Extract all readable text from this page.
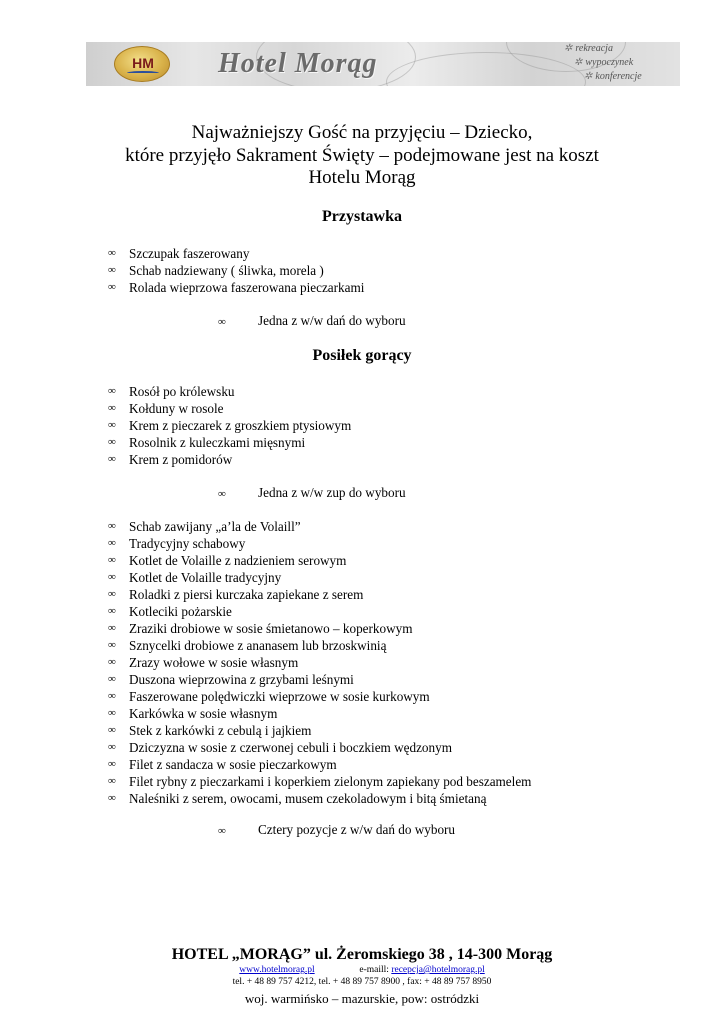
HM Hotel Morąg	✲ rekreacja
✲ wypoczynek
✲ konferencje
Najważniejszy Gość na przyjęciu – Dziecko,
które przyjęło Sakrament Święty – podejmowane jest na koszt
Hotelu Morąg
Przystawka
∞ Szczupak faszerowany
∞ Schab nadziewany ( śliwka, morela )
∞ Rolada wieprzowa faszerowana pieczarkami
∞ Jedna z w/w dań do wyboru
Posiłek gorący
∞ Rosół po królewsku
∞ Kołduny w rosole
∞ Krem z pieczarek z groszkiem ptysiowym
∞ Rosolnik z kuleczkami mięsnymi
∞ Krem z pomidorów
∞ Jedna z w/w zup do wyboru
∞ Schab zawijany „a’la de Volaill”
∞ Tradycyjny schabowy
∞ Kotlet de Volaille z nadzieniem serowym
∞ Kotlet de Volaille tradycyjny
∞ Roladki z piersi kurczaka zapiekane z serem
∞ Kotleciki pożarskie
∞ Zraziki drobiowe w sosie śmietanowo – koperkowym
∞ Sznycelki drobiowe z ananasem lub brzoskwinią
∞ Zrazy wołowe w sosie własnym
∞ Duszona wieprzowina z grzybami leśnymi
∞ Faszerowane polędwiczki wieprzowe w sosie kurkowym
∞ Karkówka w sosie własnym
∞ Stek z karkówki z cebulą i jajkiem
∞ Dziczyzna w sosie z czerwonej cebuli i boczkiem wędzonym
∞ Filet z sandacza w sosie pieczarkowym
∞ Filet rybny z pieczarkami i koperkiem zielonym zapiekany pod beszamelem
∞ Naleśniki z serem, owocami, musem czekoladowym i bitą śmietaną
∞ Cztery pozycje z w/w dań do wyboru
HOTEL „MORĄG” ul. Żeromskiego 38 , 14-300 Morąg
www.hotelmorag.pl	e-maill: recepcja@hotelmorag.pl
tel. + 48 89 757 4212, tel. + 48 89 757 8900 , fax: + 48 89 757 8950
woj. warmińsko – mazurskie, pow: ostródzki
